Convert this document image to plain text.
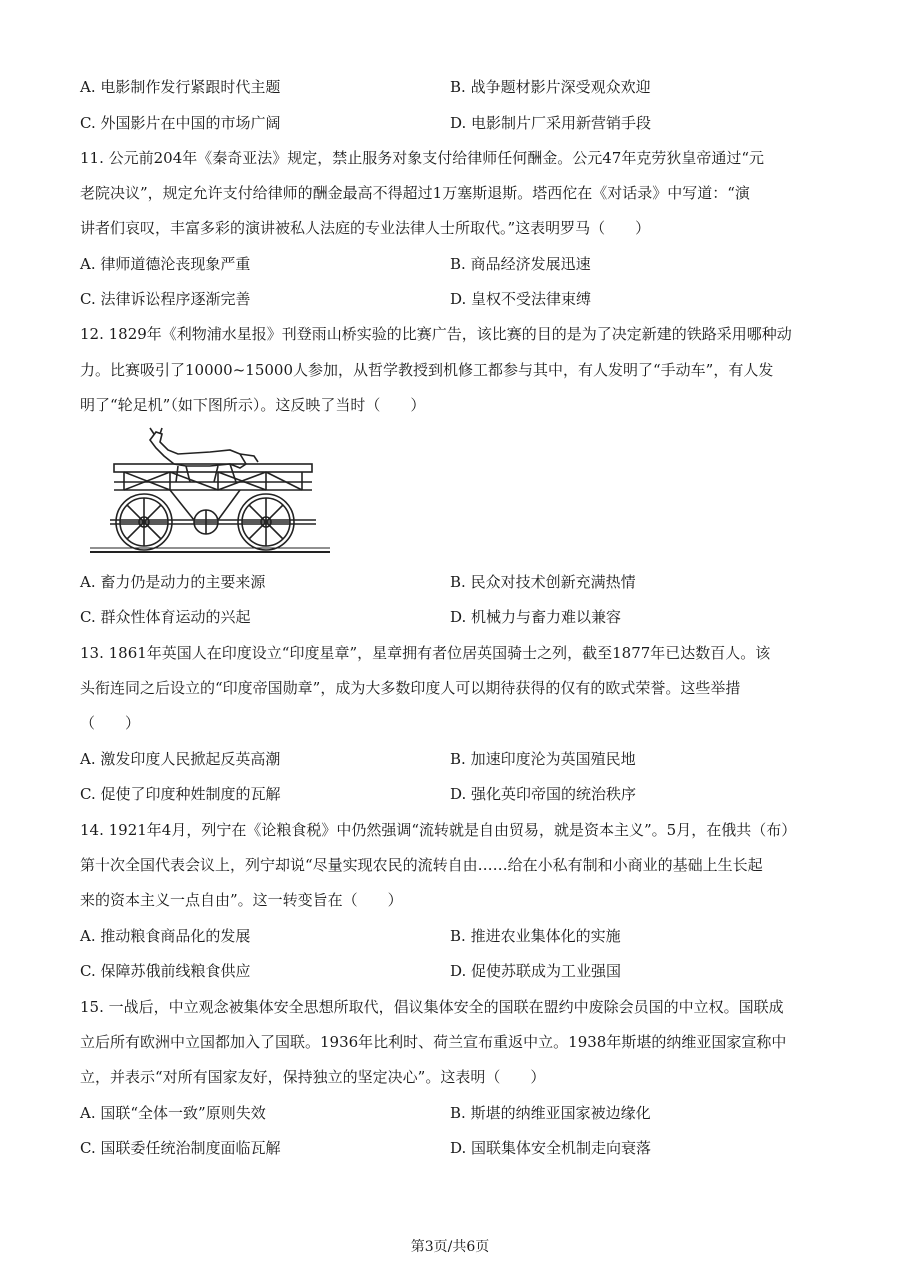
A. 电影制作发行紧跟时代主题	B. 战争题材影片深受观众欢迎
C. 外国影片在中国的市场广阔	D. 电影制片厂采用新营销手段
11. 公元前204年《秦奇亚法》规定，禁止服务对象支付给律师任何酬金。公元47年克劳狄皇帝通过“元
老院决议”，规定允许支付给律师的酬金最高不得超过1万塞斯退斯。塔西佗在《对话录》中写道：“演
讲者们哀叹，丰富多彩的演讲被私人法庭的专业法律人士所取代。”这表明罗马（　　）
A. 律师道德沦丧现象严重	B. 商品经济发展迅速
C. 法律诉讼程序逐渐完善	D. 皇权不受法律束缚
12. 1829年《利物浦水星报》刊登雨山桥实验的比赛广告，该比赛的目的是为了决定新建的铁路采用哪种动
力。比赛吸引了10000~15000人参加，从哲学教授到机修工都参与其中，有人发明了“手动车”，有人发
明了“轮足机”（如下图所示）。这反映了当时（　　）
A. 畜力仍是动力的主要来源	B. 民众对技术创新充满热情
C. 群众性体育运动的兴起	D. 机械力与畜力难以兼容
13. 1861年英国人在印度设立“印度星章”，星章拥有者位居英国骑士之列，截至1877年已达数百人。该
头衔连同之后设立的“印度帝国勋章”，成为大多数印度人可以期待获得的仅有的欧式荣誉。这些举措
（　　）
A. 激发印度人民掀起反英高潮	B. 加速印度沦为英国殖民地
C. 促使了印度种姓制度的瓦解	D. 强化英印帝国的统治秩序
14. 1921年4月，列宁在《论粮食税》中仍然强调“流转就是自由贸易，就是资本主义”。5月，在俄共（布）
第十次全国代表会议上，列宁却说“尽量实现农民的流转自由……给在小私有制和小商业的基础上生长起
来的资本主义一点自由”。这一转变旨在（　　）
A. 推动粮食商品化的发展	B. 推进农业集体化的实施
C. 保障苏俄前线粮食供应	D. 促使苏联成为工业强国
15. 一战后，中立观念被集体安全思想所取代，倡议集体安全的国联在盟约中废除会员国的中立权。国联成
立后所有欧洲中立国都加入了国联。1936年比利时、荷兰宣布重返中立。1938年斯堪的纳维亚国家宣称中
立，并表示“对所有国家友好，保持独立的坚定决心”。这表明（　　）
A. 国联“全体一致”原则失效	B. 斯堪的纳维亚国家被边缘化
C. 国联委任统治制度面临瓦解	D. 国联集体安全机制走向衰落
第3页/共6页
